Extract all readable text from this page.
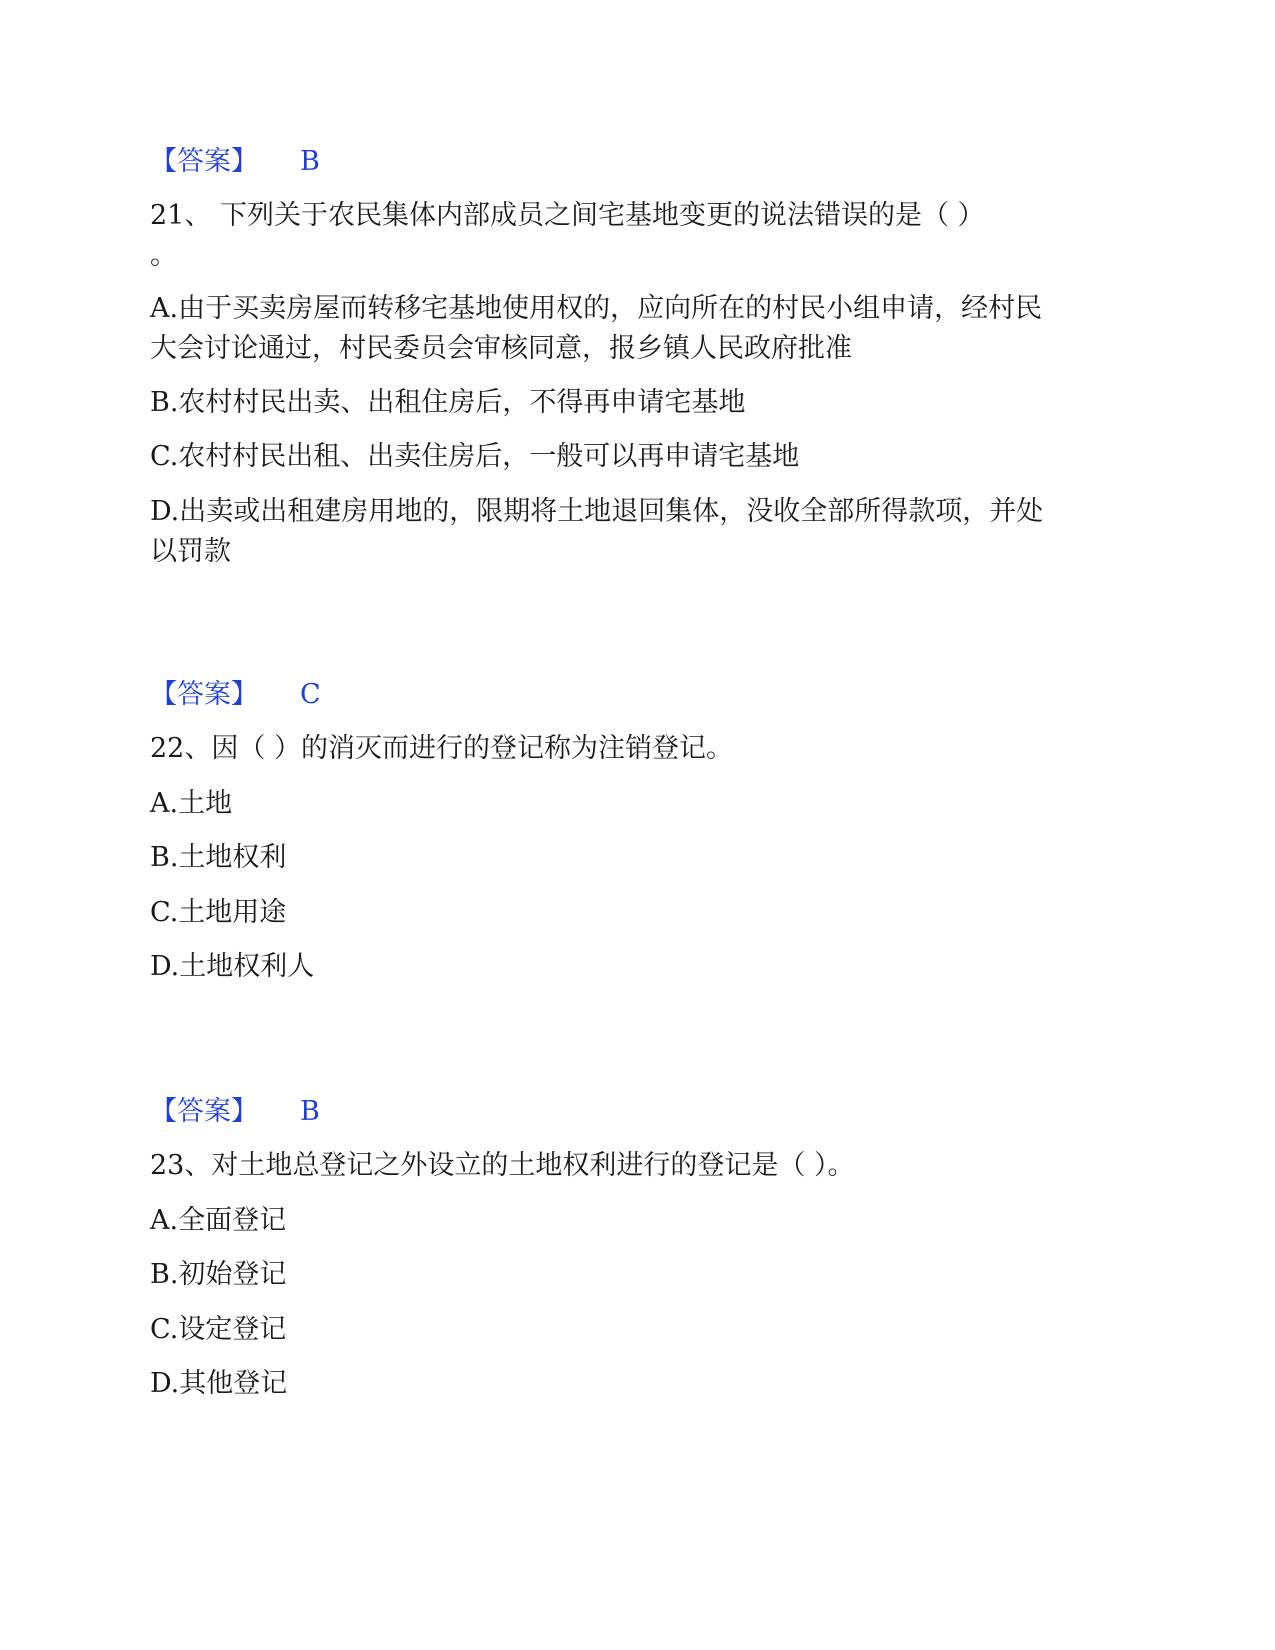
【答案】 B
21、 下列关于农民集体内部成员之间宅基地变更的说法错误的是（ ）
。
A.由于买卖房屋而转移宅基地使用权的，应向所在的村民小组申请，经村民
大会讨论通过，村民委员会审核同意，报乡镇人民政府批准
B.农村村民出卖、出租住房后，不得再申请宅基地
C.农村村民出租、出卖住房后，一般可以再申请宅基地
D.出卖或出租建房用地的，限期将土地退回集体，没收全部所得款项，并处
以罚款
【答案】 C
22、因（ ）的消灭而进行的登记称为注销登记。
A.土地
B.土地权利
C.土地用途
D.土地权利人
【答案】 B
23、对土地总登记之外设立的土地权利进行的登记是（ ）。
A.全面登记
B.初始登记
C.设定登记
D.其他登记
